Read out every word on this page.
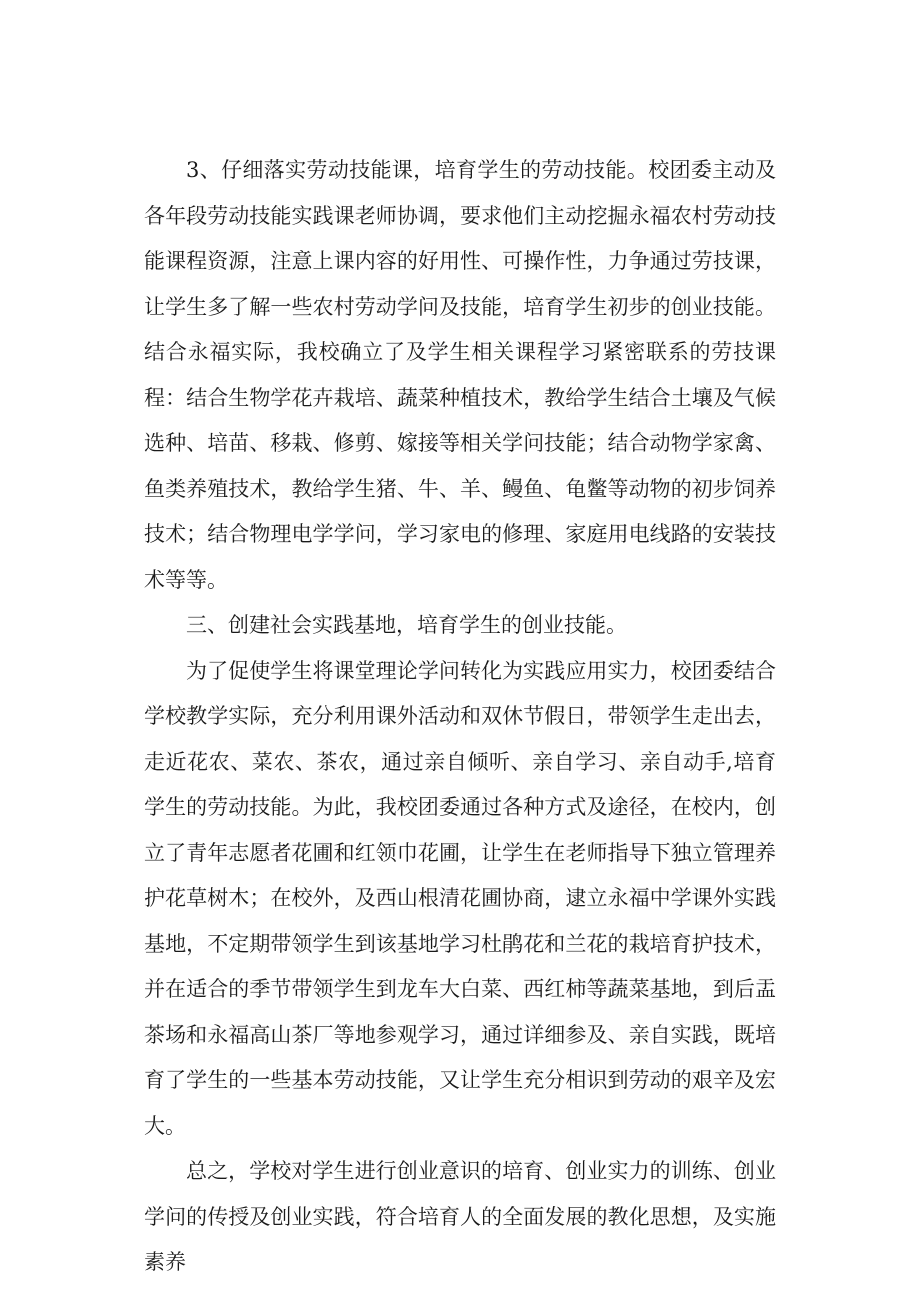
3、仔细落实劳动技能课，培育学生的劳动技能。校团委主动及各年段劳动技能实践课老师协调，要求他们主动挖掘永福农村劳动技能课程资源，注意上课内容的好用性、可操作性，力争通过劳技课，让学生多了解一些农村劳动学问及技能，培育学生初步的创业技能。结合永福实际，我校确立了及学生相关课程学习紧密联系的劳技课程：结合生物学花卉栽培、蔬菜种植技术，教给学生结合土壤及气候选种、培苗、移栽、修剪、嫁接等相关学问技能；结合动物学家禽、鱼类养殖技术，教给学生猪、牛、羊、鳗鱼、龟鳖等动物的初步饲养技术；结合物理电学学问，学习家电的修理、家庭用电线路的安装技术等等。

三、创建社会实践基地，培育学生的创业技能。

为了促使学生将课堂理论学问转化为实践应用实力，校团委结合学校教学实际，充分利用课外活动和双休节假日，带领学生走出去，走近花农、菜农、茶农，通过亲自倾听、亲自学习、亲自动手,培育学生的劳动技能。为此，我校团委通过各种方式及途径，在校内，创立了青年志愿者花圃和红领巾花圃，让学生在老师指导下独立管理养护花草树木；在校外，及西山根清花圃协商，逮立永福中学课外实践基地，不定期带领学生到该基地学习杜鹃花和兰花的栽培育护技术，并在适合的季节带领学生到龙车大白菜、西红柿等蔬菜基地，到后盂茶场和永福高山茶厂等地参观学习，通过详细参及、亲自实践，既培育了学生的一些基本劳动技能，又让学生充分相识到劳动的艰辛及宏大。

总之，学校对学生进行创业意识的培育、创业实力的训练、创业学问的传授及创业实践，符合培育人的全面发展的教化思想，及实施素养
